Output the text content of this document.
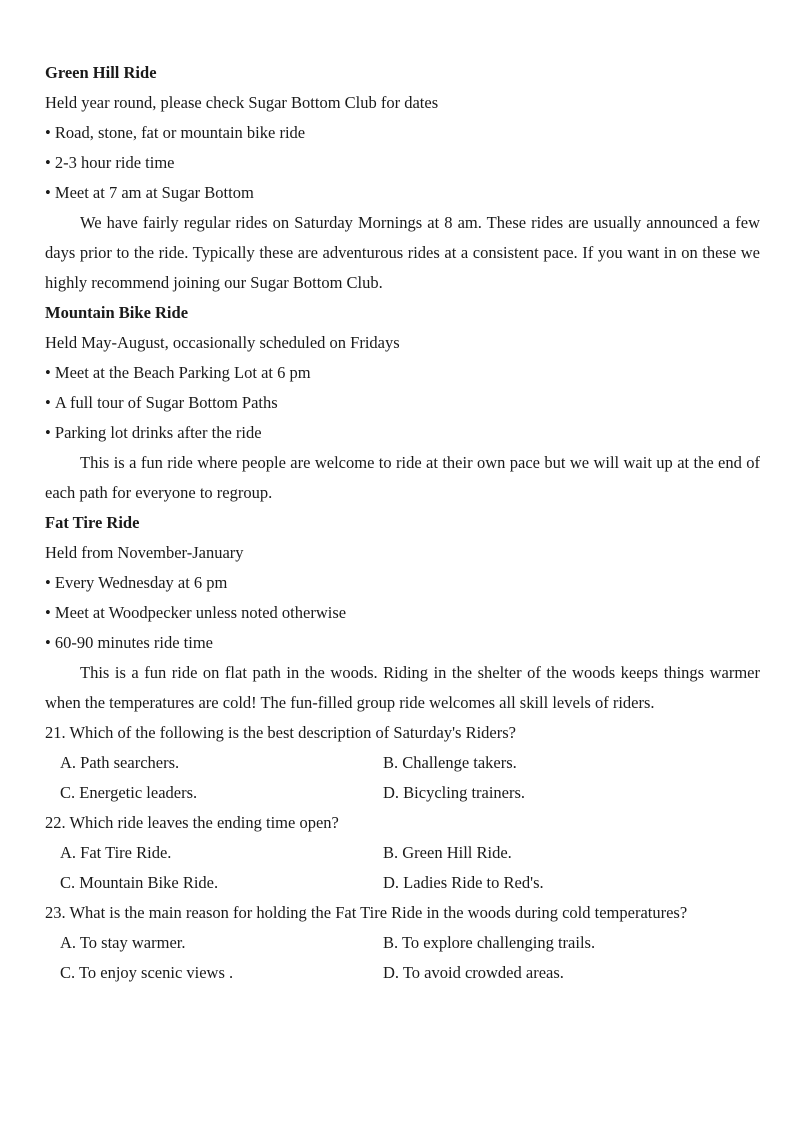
Green Hill Ride
Held year round, please check Sugar Bottom Club for dates
• Road, stone, fat or mountain bike ride
• 2-3 hour ride time
• Meet at 7 am at Sugar Bottom

We have fairly regular rides on Saturday Mornings at 8 am. These rides are usually announced a few days prior to the ride. Typically these are adventurous rides at a consistent pace. If you want in on these we highly recommend joining our Sugar Bottom Club.

Mountain Bike Ride
Held May-August, occasionally scheduled on Fridays
• Meet at the Beach Parking Lot at 6 pm
• A full tour of Sugar Bottom Paths
• Parking lot drinks after the ride

This is a fun ride where people are welcome to ride at their own pace but we will wait up at the end of each path for everyone to regroup.

Fat Tire Ride
Held from November-January
• Every Wednesday at 6 pm
• Meet at Woodpecker unless noted otherwise
• 60-90 minutes ride time

This is a fun ride on flat path in the woods. Riding in the shelter of the woods keeps things warmer when the temperatures are cold! The fun-filled group ride welcomes all skill levels of riders.

21. Which of the following is the best description of Saturday's Riders?
A. Path searchers.	B. Challenge takers.
C. Energetic leaders.	D. Bicycling trainers.
22. Which ride leaves the ending time open?
A. Fat Tire Ride.	B. Green Hill Ride.
C. Mountain Bike Ride.	D. Ladies Ride to Red's.
23. What is the main reason for holding the Fat Tire Ride in the woods during cold temperatures?
A. To stay warmer.	B. To explore challenging trails.
C. To enjoy scenic views .	D. To avoid crowded areas.
